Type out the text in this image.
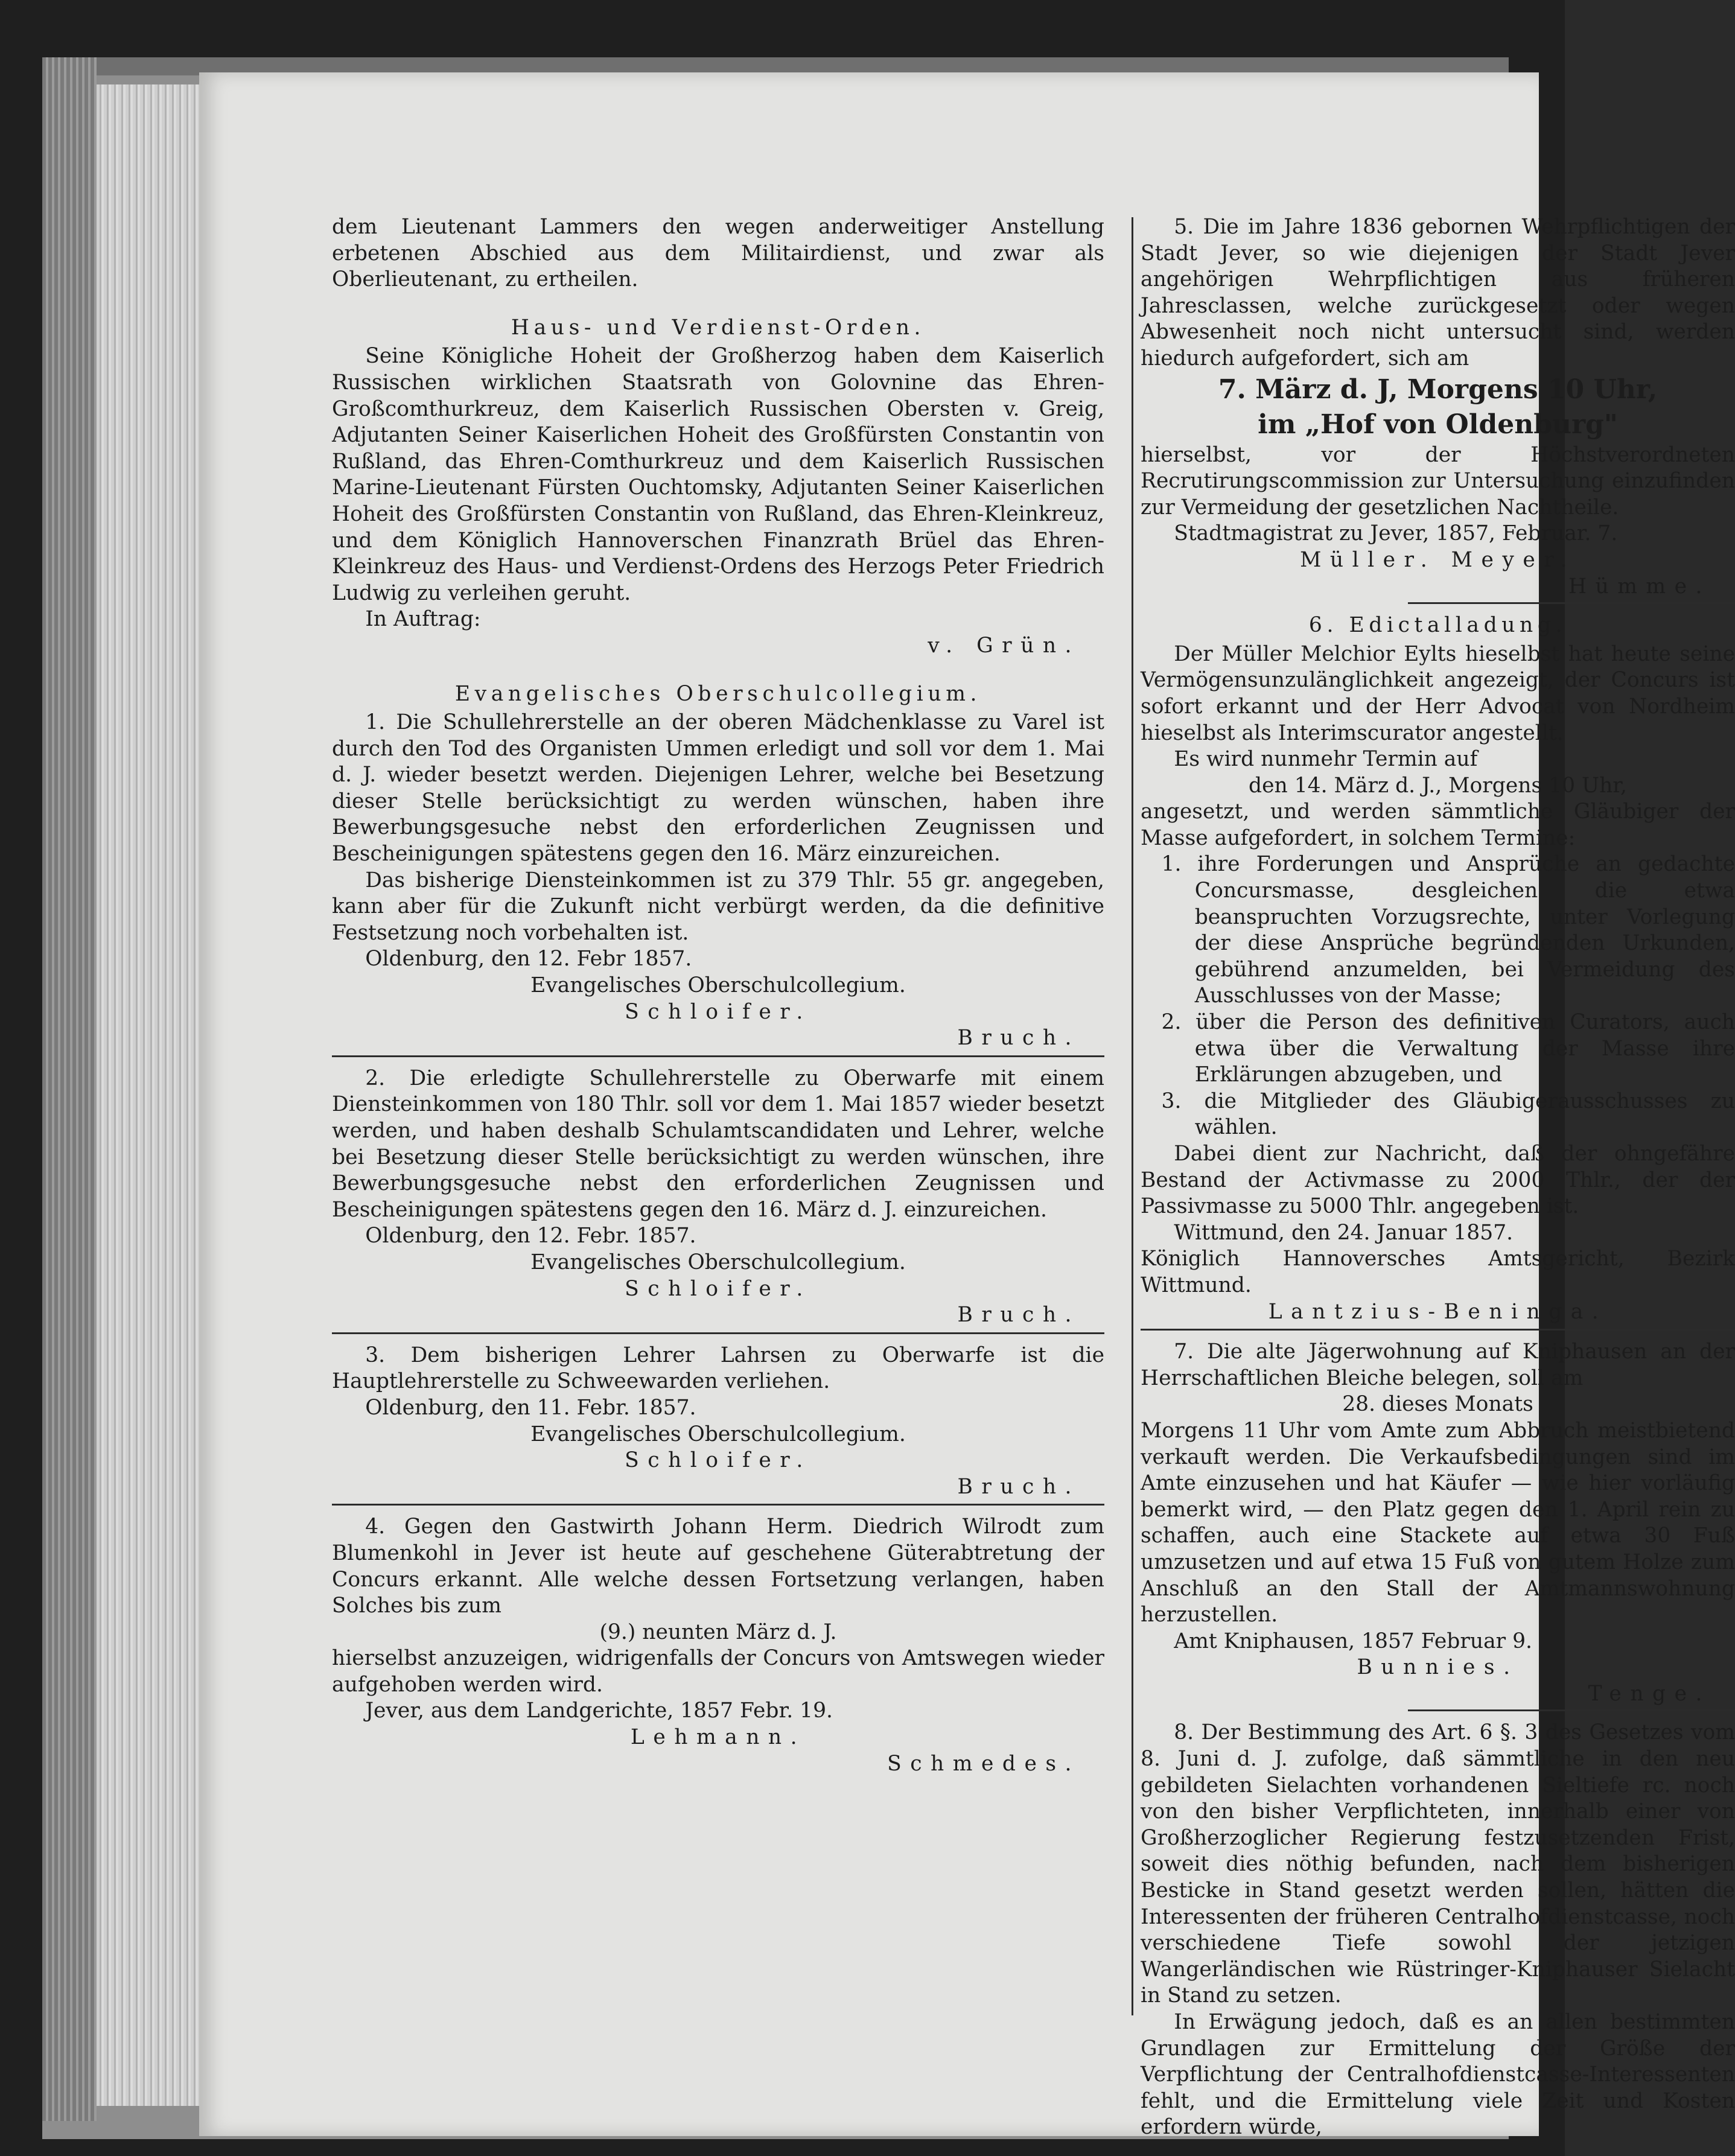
dem Lieutenant Lammers den wegen anderweitiger Anstellung erbetenen Abschied aus dem Militairdienst, und zwar als Oberlieutenant, zu ertheilen.

Haus- und Verdienst-Orden.

Seine Königliche Hoheit der Großherzog haben dem Kaiserlich Russischen wirklichen Staatsrath von Golovnine das Ehren-Großcomthurkreuz, dem Kaiserlich Russischen Obersten v. Greig, Adjutanten Seiner Kaiserlichen Hoheit des Großfürsten Constantin von Rußland, das Ehren-Comthurkreuz und dem Kaiserlich Russischen Marine-Lieutenant Fürsten Ouchtomsky, Adjutanten Seiner Kaiserlichen Hoheit des Großfürsten Constantin von Rußland, das Ehren-Kleinkreuz, und dem Königlich Hannoverschen Finanzrath Brüel das Ehren-Kleinkreuz des Haus- und Verdienst-Ordens des Herzogs Peter Friedrich Ludwig zu verleihen geruht.

In Auftrag:

v. Grün.

Evangelisches Oberschulcollegium.

1. Die Schullehrerstelle an der oberen Mädchenklasse zu Varel ist durch den Tod des Organisten Ummen erledigt und soll vor dem 1. Mai d. J. wieder besetzt werden. Diejenigen Lehrer, welche bei Besetzung dieser Stelle berücksichtigt zu werden wünschen, haben ihre Bewerbungsgesuche nebst den erforderlichen Zeugnissen und Bescheinigungen spätestens gegen den 16. März einzureichen.

Das bisherige Diensteinkommen ist zu 379 Thlr. 55 gr. angegeben, kann aber für die Zukunft nicht verbürgt werden, da die definitive Festsetzung noch vorbehalten ist.

Oldenburg, den 12. Febr 1857.

Evangelisches Oberschulcollegium.

Schloifer.

Bruch.

2. Die erledigte Schullehrerstelle zu Oberwarfe mit einem Diensteinkommen von 180 Thlr. soll vor dem 1. Mai 1857 wieder besetzt werden, und haben deshalb Schulamtscandidaten und Lehrer, welche bei Besetzung dieser Stelle berücksichtigt zu werden wünschen, ihre Bewerbungsgesuche nebst den erforderlichen Zeugnissen und Bescheinigungen spätestens gegen den 16. März d. J. einzureichen.

Oldenburg, den 12. Febr. 1857.

Evangelisches Oberschulcollegium.

Schloifer.

Bruch.

3. Dem bisherigen Lehrer Lahrsen zu Oberwarfe ist die Hauptlehrerstelle zu Schweewarden verliehen.

Oldenburg, den 11. Febr. 1857.

Evangelisches Oberschulcollegium.

Schloifer.

Bruch.

4. Gegen den Gastwirth Johann Herm. Diedrich Wilrodt zum Blumenkohl in Jever ist heute auf geschehene Güterabtretung der Concurs erkannt. Alle welche dessen Fortsetzung verlangen, haben Solches bis zum

(9.) neunten März d. J.

hierselbst anzuzeigen, widrigenfalls der Concurs von Amtswegen wieder aufgehoben werden wird.

Jever, aus dem Landgerichte, 1857 Febr. 19.

Lehmann.

Schmedes.

5. Die im Jahre 1836 gebornen Wehrpflichtigen der Stadt Jever, so wie diejenigen der Stadt Jever angehörigen Wehrpflichtigen aus früheren Jahresclassen, welche zurückgesetzt oder wegen Abwesenheit noch nicht untersucht sind, werden hiedurch aufgefordert, sich am

7. März d. J, Morgens 10 Uhr,

im „Hof von Oldenburg"

hierselbst, vor der Höchstverordneten Recrutirungscommission zur Untersuchung einzufinden zur Vermeidung der gesetzlichen Nachtheile.

Stadtmagistrat zu Jever, 1857, Februar. 7.

Müller. Meyer.

Hümme.

6. Edictalladung.

Der Müller Melchior Eylts hieselbst hat heute seine Vermögensunzulänglichkeit angezeigt, der Concurs ist sofort erkannt und der Herr Advocat von Nordheim hieselbst als Interimscurator angestellt.

Es wird nunmehr Termin auf

den 14. März d. J., Morgens 10 Uhr,

angesetzt, und werden sämmtliche Gläubiger der Masse aufgefordert, in solchem Termine:

1. ihre Forderungen und Ansprüche an gedachte Concursmasse, desgleichen die etwa beanspruchten Vorzugsrechte, unter Vorlegung der diese Ansprüche begründenden Urkunden, gebührend anzumelden, bei Vermeidung des Ausschlusses von der Masse;

2. über die Person des definitiven Curators, auch etwa über die Verwaltung der Masse ihre Erklärungen abzugeben, und

3. die Mitglieder des Gläubigerausschusses zu wählen.

Dabei dient zur Nachricht, daß der ohngefähre Bestand der Activmasse zu 2000 Thlr., der der Passivmasse zu 5000 Thlr. angegeben ist.

Wittmund, den 24. Januar 1857.

Königlich Hannoversches Amtsgericht, Bezirk Wittmund.

Lantzius-Beninga.

7. Die alte Jägerwohnung auf Kniphausen an der Herrschaftlichen Bleiche belegen, soll am

28. dieses Monats

Morgens 11 Uhr vom Amte zum Abbruch meistbietend verkauft werden. Die Verkaufsbedingungen sind im Amte einzusehen und hat Käufer — wie hier vorläufig bemerkt wird, — den Platz gegen den 1. April rein zu schaffen, auch eine Stackete auf etwa 30 Fuß umzusetzen und auf etwa 15 Fuß von gutem Holze zum Anschluß an den Stall der Amtmannswohnung herzustellen.

Amt Kniphausen, 1857 Februar 9.

Bunnies.

Tenge.

8. Der Bestimmung des Art. 6 §. 3 des Gesetzes vom 8. Juni d. J. zufolge, daß sämmtliche in den neu gebildeten Sielachten vorhandenen Sieltiefe rc. noch von den bisher Verpflichteten, innerhalb einer von Großherzoglicher Regierung festzusetzenden Frist, soweit dies nöthig befunden, nach dem bisherigen Besticke in Stand gesetzt werden sollen, hätten die Interessenten der früheren Centralhofdienstcasse, noch verschiedene Tiefe sowohl der jetzigen Wangerländischen wie Rüstringer-Kniphauser Sielacht in Stand zu setzen.

In Erwägung jedoch, daß es an allen bestimmten Grundlagen zur Ermittelung der Größe der Verpflichtung der Centralhofdienstcasse-Interessenten fehlt, und die Ermittelung viele Zeit und Kosten erfordern würde,
